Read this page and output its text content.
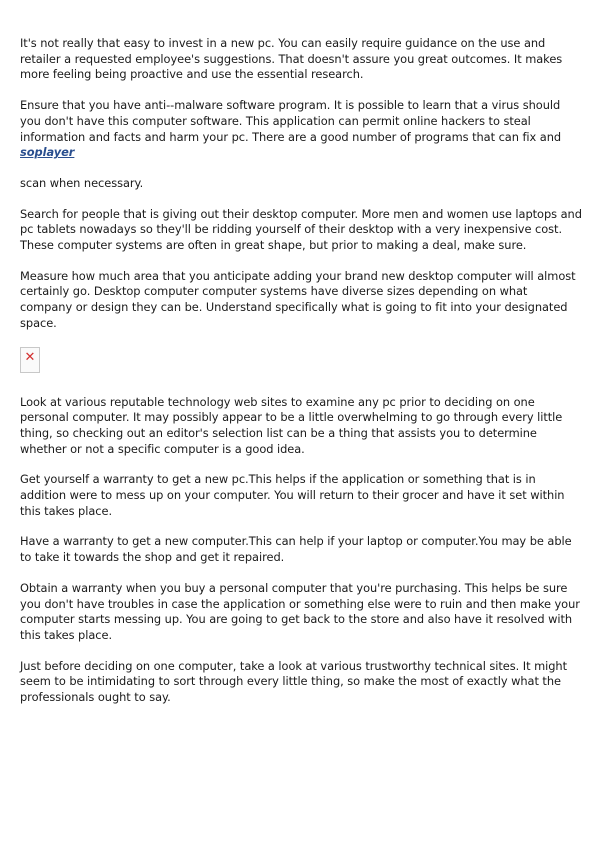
It's not really that easy to invest in a new pc. You can easily require guidance on the use and retailer a requested employee's suggestions. That doesn't assure you great outcomes. It makes more feeling being proactive and use the essential research.

Ensure that you have anti--malware software program. It is possible to learn that a virus should you don't have this computer software. This application can permit online hackers to steal information and facts and harm your pc. There are a good number of programs that can fix and soplayer

scan when necessary.

Search for people that is giving out their desktop computer. More men and women use laptops and pc tablets nowadays so they'll be ridding yourself of their desktop with a very inexpensive cost. These computer systems are often in great shape, but prior to making a deal, make sure.

Measure how much area that you anticipate adding your brand new desktop computer will almost certainly go. Desktop computer computer systems have diverse sizes depending on what company or design they can be. Understand specifically what is going to fit into your designated space.

✕

Look at various reputable technology web sites to examine any pc prior to deciding on one personal computer. It may possibly appear to be a little overwhelming to go through every little thing, so checking out an editor's selection list can be a thing that assists you to determine whether or not a specific computer is a good idea.

Get yourself a warranty to get a new pc.This helps if the application or something that is in addition were to mess up on your computer. You will return to their grocer and have it set within this takes place.

Have a warranty to get a new computer.This can help if your laptop or computer.You may be able to take it towards the shop and get it repaired.

Obtain a warranty when you buy a personal computer that you're purchasing. This helps be sure you don't have troubles in case the application or something else were to ruin and then make your computer starts messing up. You are going to get back to the store and also have it resolved with this takes place.

Just before deciding on one computer, take a look at various trustworthy technical sites. It might seem to be intimidating to sort through every little thing, so make the most of exactly what the professionals ought to say.
